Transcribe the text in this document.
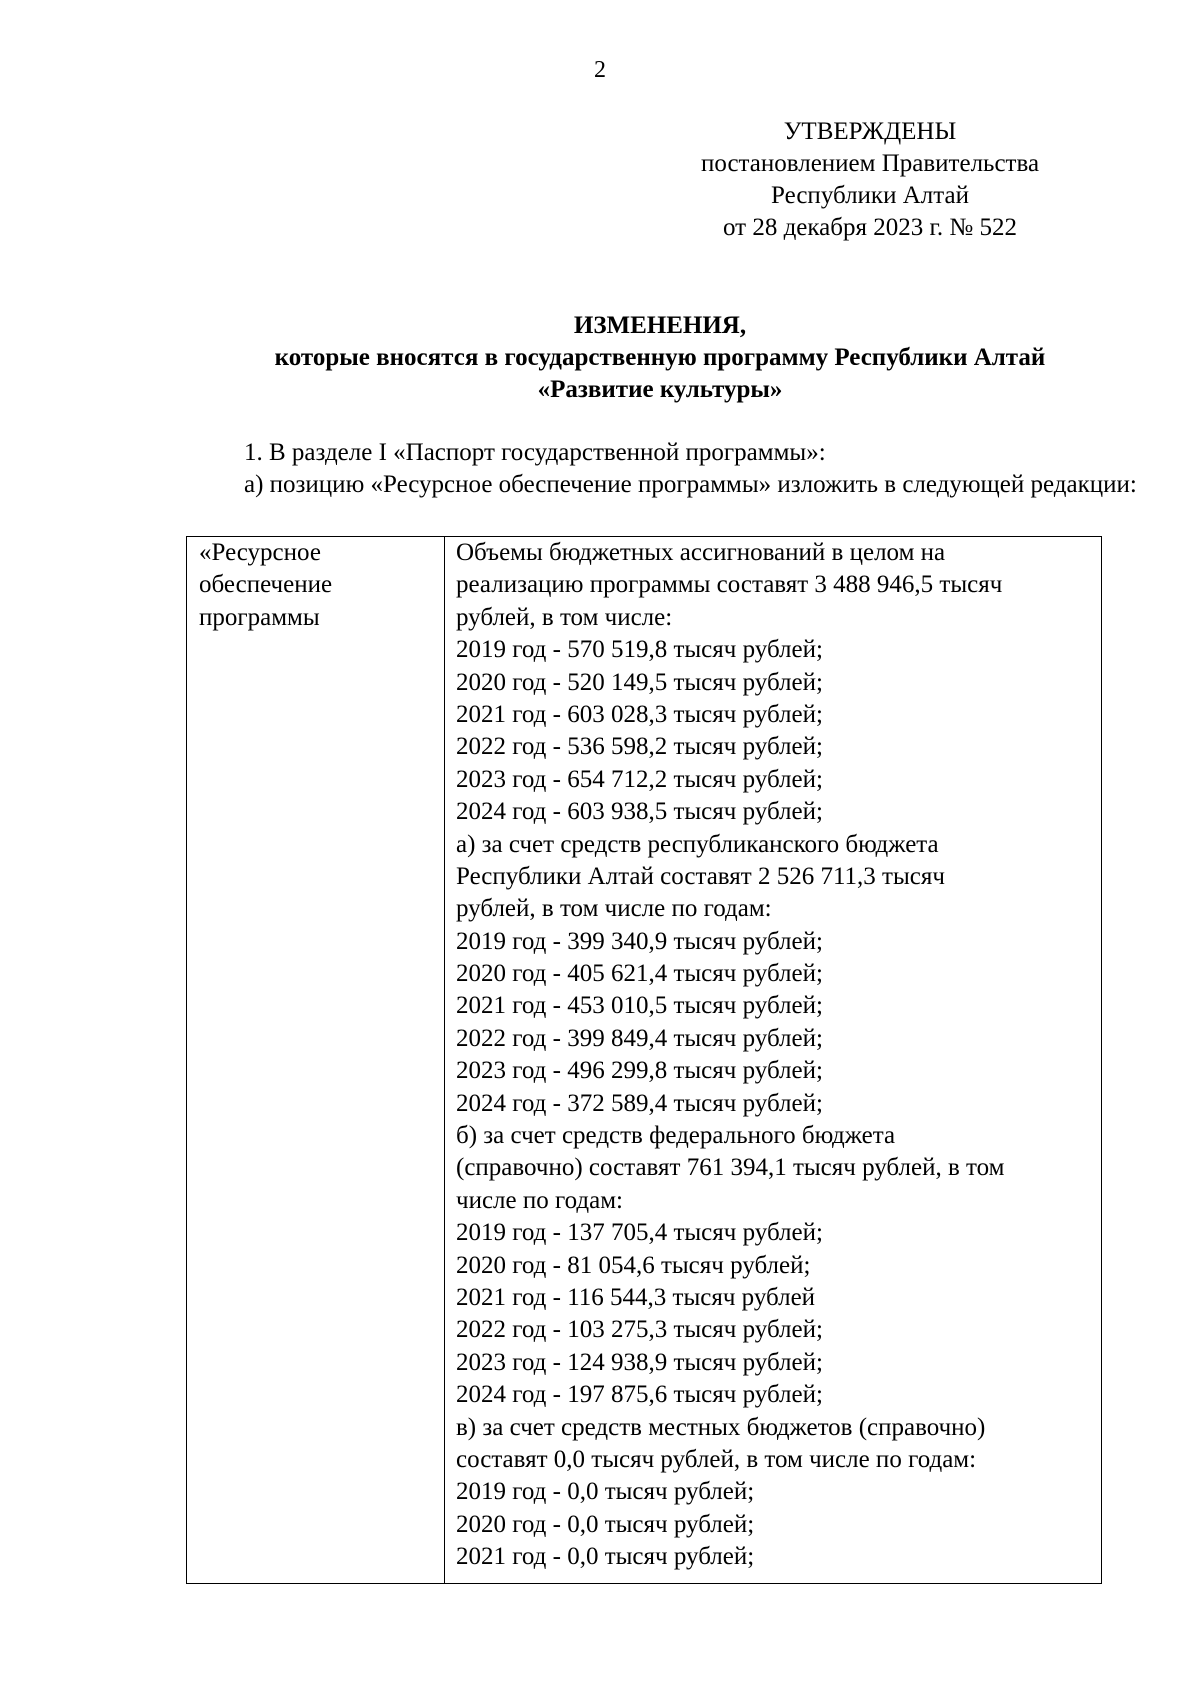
2
УТВЕРЖДЕНЫ
постановлением Правительства
Республики Алтай
от 28 декабря 2023 г. № 522
ИЗМЕНЕНИЯ,
которые вносятся в государственную программу Республики Алтай
«Развитие культуры»

1. В разделе I «Паспорт государственной программы»:

а) позицию «Ресурсное обеспечение программы» изложить в следующей редакции:

«Ресурсное
обеспечение
программы
Объемы бюджетных ассигнований в целом на
реализацию программы составят 3 488 946,5 тысяч
рублей, в том числе:
2019 год - 570 519,8 тысяч рублей;
2020 год - 520 149,5 тысяч рублей;
2021 год - 603 028,3 тысяч рублей;
2022 год - 536 598,2 тысяч рублей;
2023 год - 654 712,2 тысяч рублей;
2024 год - 603 938,5 тысяч рублей;
а) за счет средств республиканского бюджета
Республики Алтай составят 2 526 711,3 тысяч
рублей, в том числе по годам:
2019 год - 399 340,9 тысяч рублей;
2020 год - 405 621,4 тысяч рублей;
2021 год - 453 010,5 тысяч рублей;
2022 год - 399 849,4 тысяч рублей;
2023 год - 496 299,8 тысяч рублей;
2024 год - 372 589,4 тысяч рублей;
б) за счет средств федерального бюджета
(справочно) составят 761 394,1 тысяч рублей, в том
числе по годам:
2019 год - 137 705,4 тысяч рублей;
2020 год - 81 054,6 тысяч рублей;
2021 год - 116 544,3 тысяч рублей
2022 год - 103 275,3 тысяч рублей;
2023 год - 124 938,9 тысяч рублей;
2024 год - 197 875,6 тысяч рублей;
в) за счет средств местных бюджетов (справочно)
составят 0,0 тысяч рублей, в том числе по годам:
2019 год - 0,0 тысяч рублей;
2020 год - 0,0 тысяч рублей;
2021 год - 0,0 тысяч рублей;
